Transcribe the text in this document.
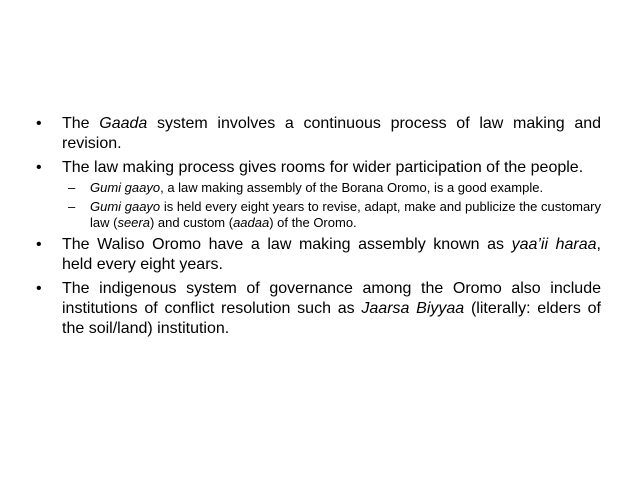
•	The Gaada system involves a continuous process of law making and revision.
•	The law making process gives rooms for wider participation of the people.
–	Gumi gaayo, a law making assembly of the Borana Oromo, is a good example.
–	Gumi gaayo is held every eight years to revise, adapt, make and publicize the customary law (seera) and custom (aadaa) of the Oromo.
•	The Waliso Oromo have a law making assembly known as yaa’ii haraa, held every eight years.
•	The indigenous system of governance among the Oromo also include institutions of conflict resolution such as Jaarsa Biyyaa (literally: elders of the soil/land) institution.
